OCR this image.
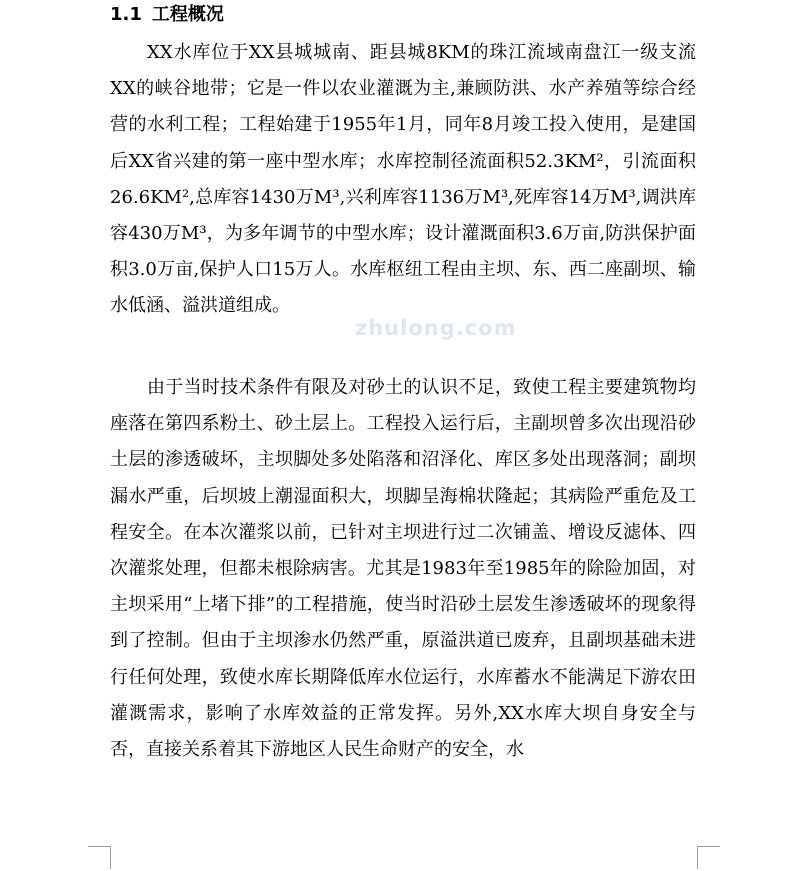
1.1 工程概况

XX水库位于XX县城城南、距县城8KM的珠江流域南盘江一级支流XX的峡谷地带；它是一件以农业灌溉为主,兼顾防洪、水产养殖等综合经营的水利工程；工程始建于1955年1月，同年8月竣工投入使用，是建国后XX省兴建的第一座中型水库；水库控制径流面积52.3KM²，引流面积26.6KM²,总库容1430万M³,兴利库容1136万M³,死库容14万M³,调洪库容430万M³，为多年调节的中型水库；设计灌溉面积3.6万亩,防洪保护面积3.0万亩,保护人口15万人。水库枢纽工程由主坝、东、西二座副坝、输水低涵、溢洪道组成。

zhulong.com

由于当时技术条件有限及对砂土的认识不足，致使工程主要建筑物均座落在第四系粉土、砂土层上。工程投入运行后，主副坝曾多次出现沿砂土层的渗透破坏，主坝脚处多处陷落和沼泽化、库区多处出现落洞；副坝漏水严重，后坝坡上潮湿面积大，坝脚呈海棉状隆起；其病险严重危及工程安全。在本次灌浆以前，已针对主坝进行过二次铺盖、增设反滤体、四次灌浆处理，但都未根除病害。尤其是1983年至1985年的除险加固，对主坝采用“上堵下排”的工程措施，使当时沿砂土层发生渗透破坏的现象得到了控制。但由于主坝渗水仍然严重，原溢洪道已废弃，且副坝基础未进行任何处理，致使水库长期降低库水位运行，水库蓄水不能满足下游农田灌溉需求，影响了水库效益的正常发挥。另外,XX水库大坝自身安全与否，直接关系着其下游地区人民生命财产的安全，水
